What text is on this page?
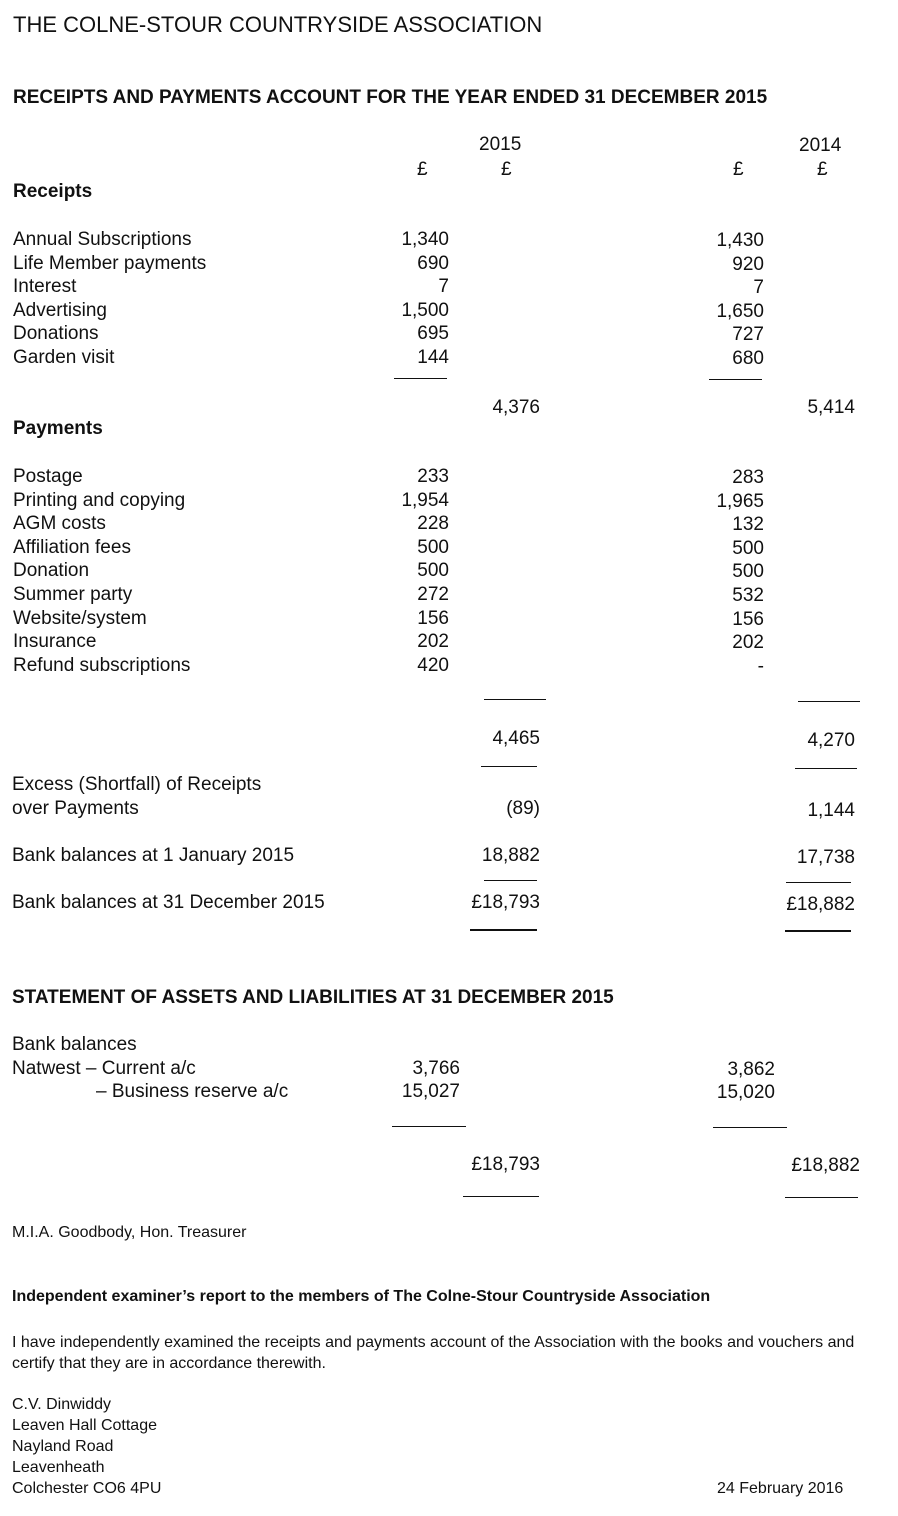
THE COLNE-STOUR COUNTRYSIDE ASSOCIATION
RECEIPTS AND PAYMENTS ACCOUNT FOR THE YEAR ENDED 31 DECEMBER 2015
2015	2014
£	£	£	£
Receipts
Annual Subscriptions	1,340	1,430
Life Member payments	690	920
Interest	7	7
Advertising	1,500	1,650
Donations	695	727
Garden visit	144	680
4,376	5,414
Payments
Postage	233	283
Printing and copying	1,954	1,965
AGM costs	228	132
Affiliation fees	500	500
Donation	500	500
Summer party	272	532
Website/system	156	156
Insurance	202	202
Refund subscriptions	420	-
4,465	4,270
Excess (Shortfall) of Receipts
over Payments	(89)	1,144
Bank balances at 1 January 2015	18,882	17,738
Bank balances at 31 December 2015	£18,793	£18,882
STATEMENT OF ASSETS AND LIABILITIES AT 31 DECEMBER 2015
Bank balances
Natwest – Current a/c	3,766	3,862
– Business reserve a/c	15,027	15,020
£18,793	£18,882
M.I.A. Goodbody, Hon. Treasurer
Independent examiner’s report to the members of The Colne-Stour Countryside Association
I have independently examined the receipts and payments account of the Association with the books and vouchers and certify that they are in accordance therewith.
C.V. Dinwiddy
Leaven Hall Cottage
Nayland Road
Leavenheath
Colchester CO6 4PU	24 February 2016
